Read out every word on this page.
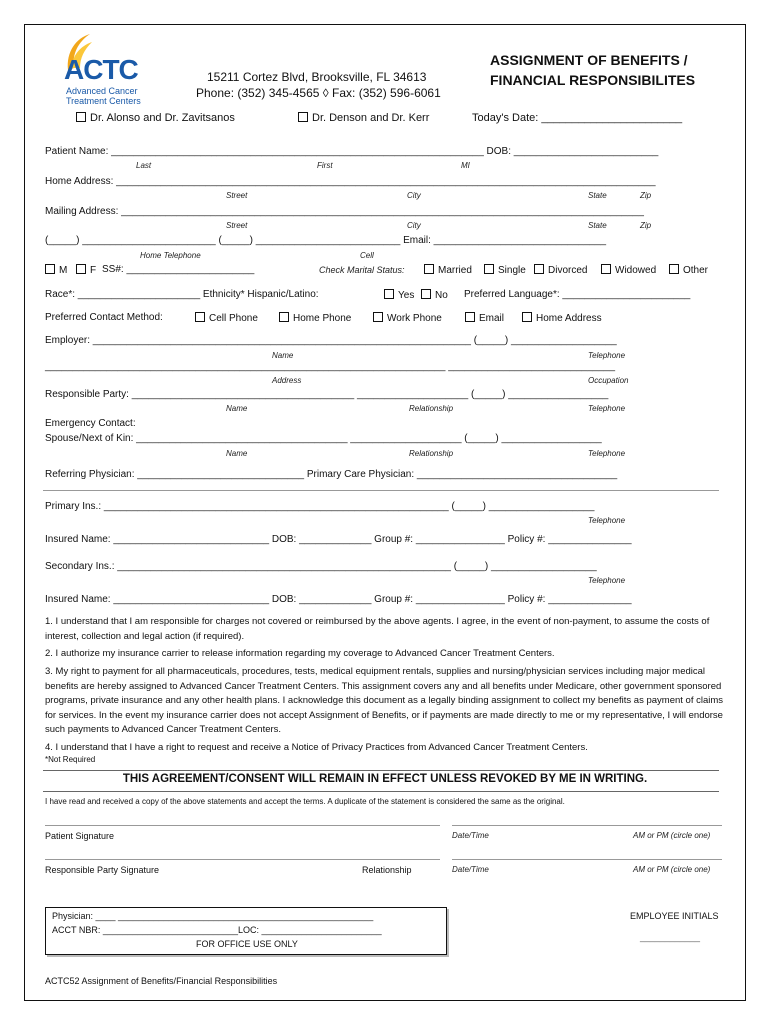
ACTC
Advanced Cancer
Treatment Centers
15211 Cortez Blvd, Brooksville, FL 34613
Phone: (352) 345-4565 ◊ Fax: (352) 596-6061
ASSIGNMENT OF BENEFITS /
FINANCIAL RESPONSIBILITES
Dr. Alonso and Dr. Zavitsanos	Dr. Denson and Dr. Kerr	Today's Date: _______________________
Patient Name: ___________________________________________________________________ DOB: __________________________
Last	First	MI
Home Address: _________________________________________________________________________________________________
Street	City	State	Zip
Mailing Address: ______________________________________________________________________________________________
Street	City	State	Zip
(_____) ________________________ (_____) __________________________ Email: _______________________________
Home Telephone	Cell
M	F SS#: _______________________	Check Marital Status:	Married	Single	Divorced	Widowed	Other
Race*: ______________________ Ethnicity* Hispanic/Latino:	Yes	No Preferred Language*: _______________________
Preferred Contact Method:	Cell Phone	Home Phone	Work Phone	Email	Home Address
Employer: ____________________________________________________________________ (_____) ___________________
Name	Telephone
________________________________________________________________________ ______________________________
Address	Occupation
Responsible Party: ________________________________________ ____________________ (_____) __________________
Name	Relationship	Telephone
Emergency Contact:
Spouse/Next of Kin: ______________________________________ ____________________ (_____) __________________
Name	Relationship	Telephone
Referring Physician: ______________________________ Primary Care Physician: ____________________________________
Primary Ins.: ______________________________________________________________ (_____) ___________________
Telephone
Insured Name: ____________________________ DOB: _____________ Group #: ________________ Policy #: _______________
Secondary Ins.: ____________________________________________________________ (_____) ___________________
Telephone
Insured Name: ____________________________ DOB: _____________ Group #: ________________ Policy #: _______________
1. I understand that I am responsible for charges not covered or reimbursed by the above agents. I agree, in the event of non-payment, to assume the costs of interest, collection and legal action (if required).
2. I authorize my insurance carrier to release information regarding my coverage to Advanced Cancer Treatment Centers.
3. My right to payment for all pharmaceuticals, procedures, tests, medical equipment rentals, supplies and nursing/physician services including major medical benefits are hereby assigned to Advanced Cancer Treatment Centers. This assignment covers any and all benefits under Medicare, other government sponsored programs, private insurance and any other health plans. I acknowledge this document as a legally binding assignment to collect my benefits as payment of claims for services. In the event my insurance carrier does not accept Assignment of Benefits, or if payments are made directly to me or my representative, I will endorse such payments to Advanced Cancer Treatment Centers.
4. I understand that I have a right to request and receive a Notice of Privacy Practices from Advanced Cancer Treatment Centers.
*Not Required
THIS AGREEMENT/CONSENT WILL REMAIN IN EFFECT UNLESS REVOKED BY ME IN WRITING.
I have read and received a copy of the above statements and accept the terms. A duplicate of the statement is considered the same as the original.
Patient Signature	Date/Time	AM or PM (circle one)
Responsible Party Signature	Relationship	Date/Time	AM or PM (circle one)
Physician: ____ ___________________________________________________
ACCT NBR: ___________________________LOC: ________________________
FOR OFFICE USE ONLY
EMPLOYEE INITIALS
____________
ACTC52 Assignment of Benefits/Financial Responsibilities
